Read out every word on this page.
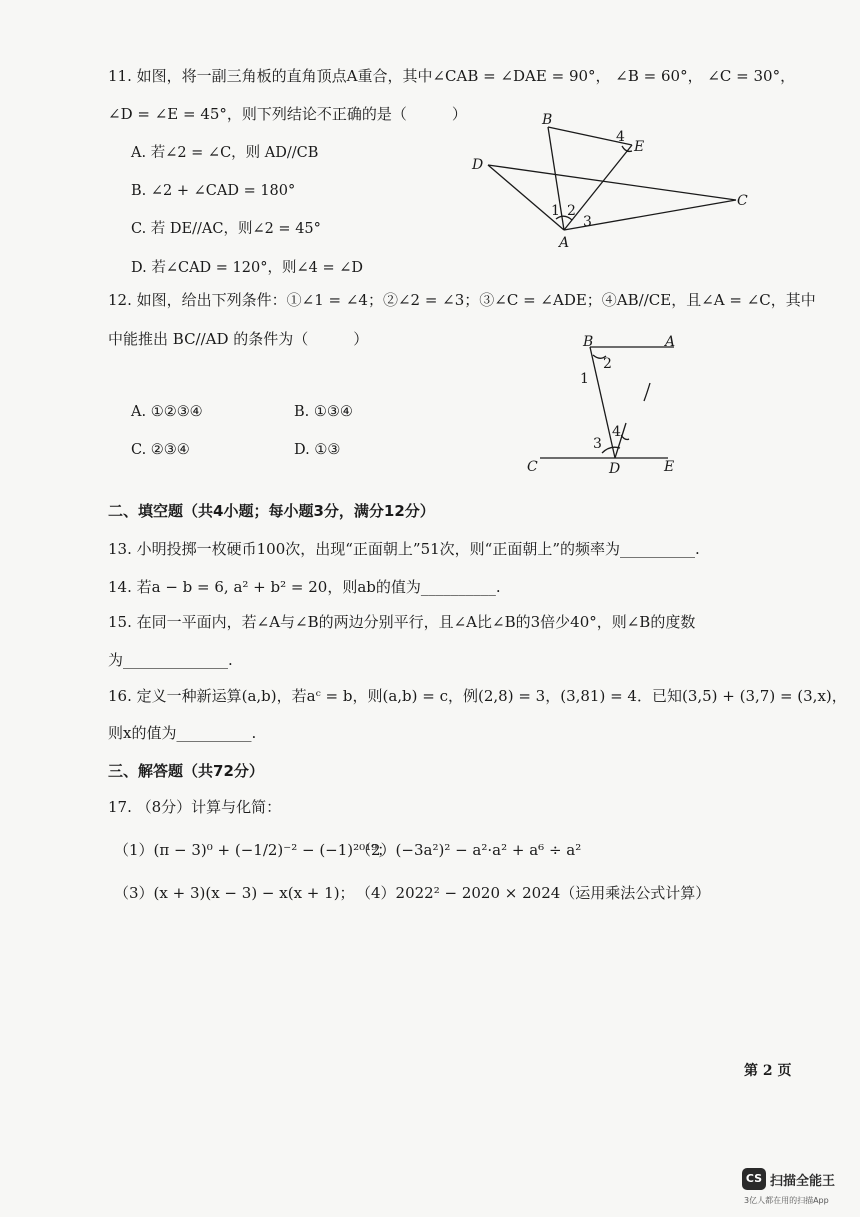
11. 如图，将一副三角板的直角顶点A重合，其中∠CAB = ∠DAE = 90°， ∠B = 60°， ∠C = 30°，
∠D = ∠E = 45°，则下列结论不正确的是（　　　）
A. 若∠2 = ∠C，则 AD//CB
B. ∠2 + ∠CAD = 180°
C. 若 DE//AC，则∠2 = 45°
D. 若∠CAD = 120°，则∠4 = ∠D
B
E
D
C
A
1 2
3
4
12. 如图，给出下列条件：①∠1 = ∠4；②∠2 = ∠3；③∠C = ∠ADE；④AB//CE，且∠A = ∠C，其中
中能推出 BC//AD 的条件为（　　　）
A. ①②③④	B. ①③④
C. ②③④	D. ①③
B	A
C	D	E
1
2
3
4
二、填空题（共4小题；每小题3分，满分12分）
13. 小明投掷一枚硬币100次，出现“正面朝上”51次，则“正面朝上”的频率为__________.
14. 若a − b = 6, a² + b² = 20，则ab的值为__________.
15. 在同一平面内，若∠A与∠B的两边分别平行，且∠A比∠B的3倍少40°，则∠B的度数
为______________.
16. 定义一种新运算(a,b)，若aᶜ = b，则(a,b) = c，例(2,8) = 3，(3,81) = 4．已知(3,5) + (3,7) = (3,x)，
则x的值为__________.
三、解答题（共72分）
17. （8分）计算与化简：
（1）(π − 3)⁰ + (−1/2)⁻² − (−1)²⁰¹⁹；
（2）(−3a²)² − a²·a² + a⁶ ÷ a²
（3）(x + 3)(x − 3) − x(x + 1)； （4）2022² − 2020 × 2024（运用乘法公式计算）
第 2 页
CS 扫描全能王
3亿人都在用的扫描App
